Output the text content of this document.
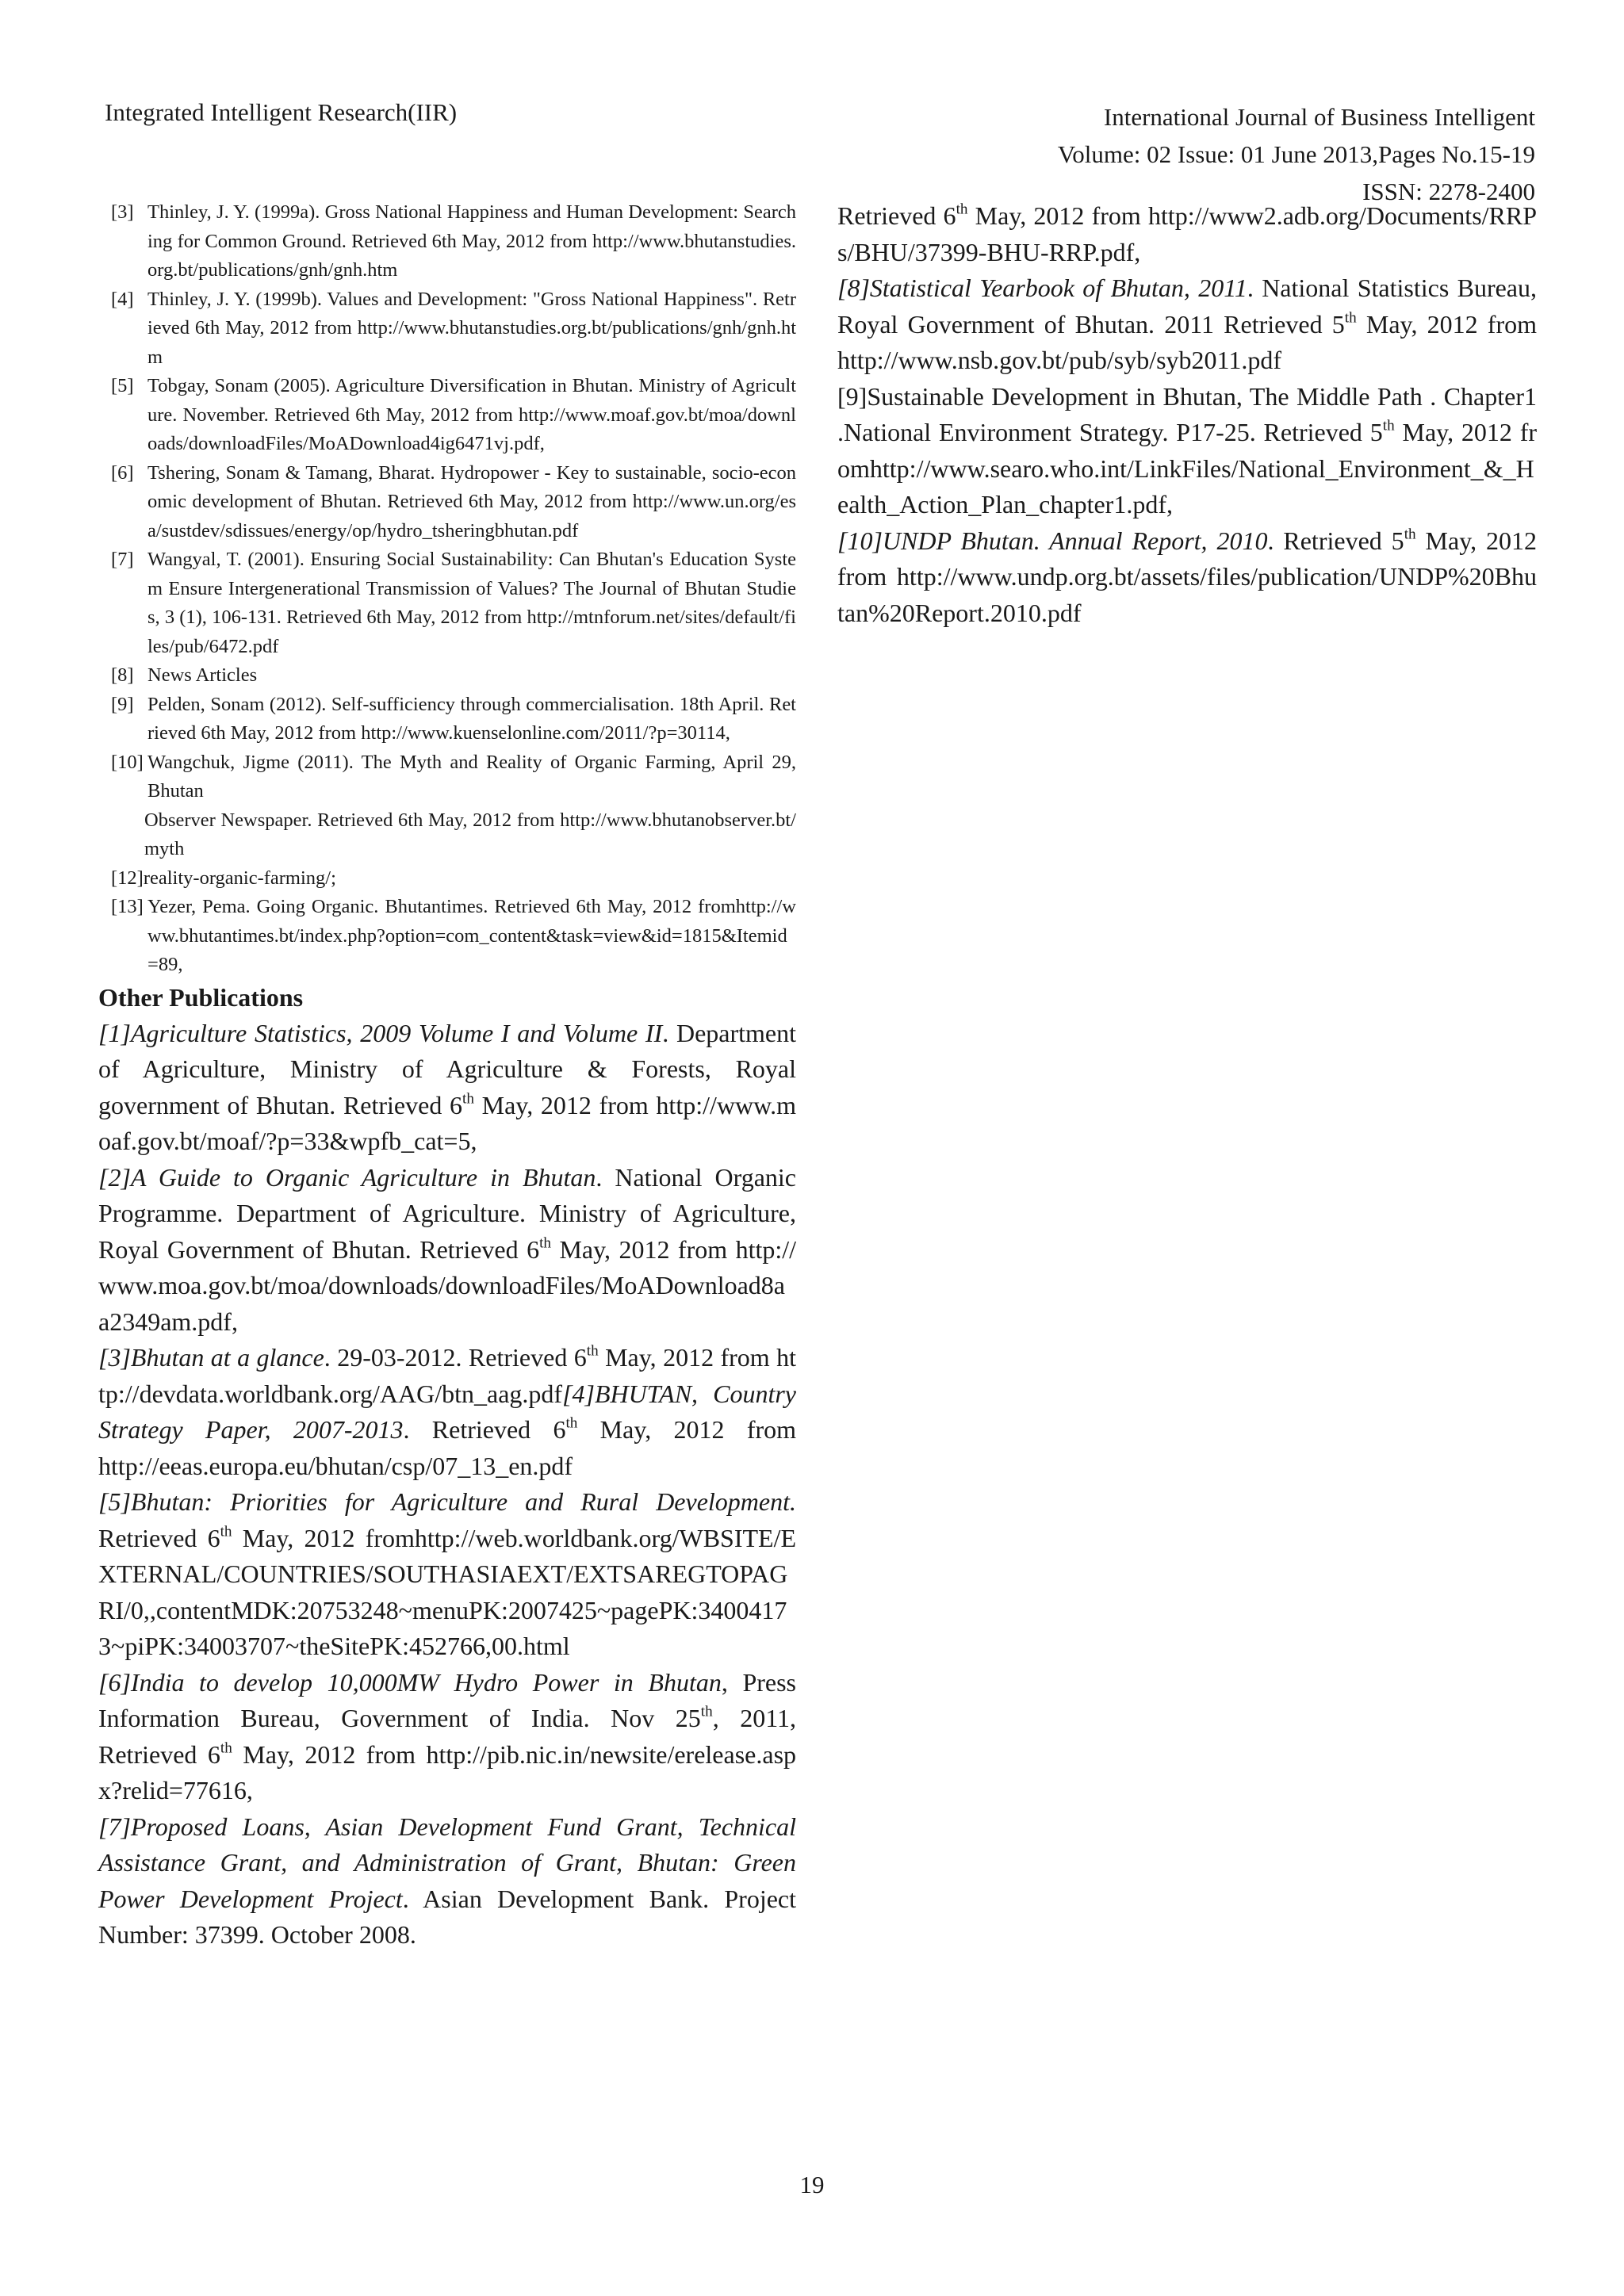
Integrated Intelligent Research(IIR)	International Journal of Business Intelligent
Volume: 02 Issue: 01 June 2013,Pages No.15-19
ISSN: 2278-2400

[3] Thinley, J. Y. (1999a). Gross National Happiness and Human Development: Searching for Common Ground. Retrieved 6th May, 2012 from http://www.bhutanstudies.org.bt/publications/gnh/gnh.htm

[4] Thinley, J. Y. (1999b). Values and Development: "Gross National Happiness". Retrieved 6th May, 2012 from http://www.bhutanstudies.org.bt/publications/gnh/gnh.htm

[5] Tobgay, Sonam (2005). Agriculture Diversification in Bhutan. Ministry of Agriculture. November. Retrieved 6th May, 2012 from http://www.moaf.gov.bt/moa/downloads/downloadFiles/MoADownload4ig6471vj.pdf,

[6] Tshering, Sonam & Tamang, Bharat. Hydropower - Key to sustainable, socio-economic development of Bhutan. Retrieved 6th May, 2012 from http://www.un.org/esa/sustdev/sdissues/energy/op/hydro_tsheringbhutan.pdf

[7] Wangyal, T. (2001). Ensuring Social Sustainability: Can Bhutan's Education System Ensure Intergenerational Transmission of Values? The Journal of Bhutan Studies, 3 (1), 106-131. Retrieved 6th May, 2012 from http://mtnforum.net/sites/default/files/pub/6472.pdf

[8] News Articles

[9] Pelden, Sonam (2012). Self-sufficiency through commercialisation. 18th April. Retrieved 6th May, 2012 from http://www.kuenselonline.com/2011/?p=30114,

[10] Wangchuk, Jigme (2011). The Myth and Reality of Organic Farming, April 29, Bhutan

Observer Newspaper. Retrieved 6th May, 2012 from http://www.bhutanobserver.bt/myth

[12]reality-organic-farming/;

[13] Yezer, Pema. Going Organic. Bhutantimes. Retrieved 6th May, 2012 fromhttp://www.bhutantimes.bt/index.php?option=com_content&task=view&id=1815&Itemid=89,

Other Publications

[1]Agriculture Statistics, 2009 Volume I and Volume II. Department of Agriculture, Ministry of Agriculture & Forests, Royal government of Bhutan. Retrieved 6th May, 2012 from http://www.moaf.gov.bt/moaf/?p=33&wpfb_cat=5,

[2]A Guide to Organic Agriculture in Bhutan. National Organic Programme. Department of Agriculture. Ministry of Agriculture, Royal Government of Bhutan. Retrieved 6th May, 2012 from http://www.moa.gov.bt/moa/downloads/downloadFiles/MoADownload8aa2349am.pdf,

[3]Bhutan at a glance. 29-03-2012. Retrieved 6th May, 2012 from http://devdata.worldbank.org/AAG/btn_aag.pdf[4]BHUTAN, Country Strategy Paper, 2007-2013. Retrieved 6th May, 2012 from http://eeas.europa.eu/bhutan/csp/07_13_en.pdf

[5]Bhutan: Priorities for Agriculture and Rural Development. Retrieved 6th May, 2012 fromhttp://web.worldbank.org/WBSITE/EXTERNAL/COUNTRIES/SOUTHASIAEXT/EXTSAREGTOPAGRI/0,,contentMDK:20753248~menuPK:2007425~pagePK:34004173~piPK:34003707~theSitePK:452766,00.html

[6]India to develop 10,000MW Hydro Power in Bhutan, Press Information Bureau, Government of India. Nov 25th, 2011, Retrieved 6th May, 2012 from http://pib.nic.in/newsite/erelease.aspx?relid=77616,

[7]Proposed Loans, Asian Development Fund Grant, Technical Assistance Grant, and Administration of Grant, Bhutan: Green Power Development Project. Asian Development Bank. Project Number: 37399. October 2008.

Retrieved 6th May, 2012 from http://www2.adb.org/Documents/RRPs/BHU/37399-BHU-RRP.pdf,

[8]Statistical Yearbook of Bhutan, 2011. National Statistics Bureau, Royal Government of Bhutan. 2011 Retrieved 5th May, 2012 from http://www.nsb.gov.bt/pub/syb/syb2011.pdf

[9]Sustainable Development in Bhutan, The Middle Path . Chapter1 .National Environment Strategy. P17-25. Retrieved 5th May, 2012 fromhttp://www.searo.who.int/LinkFiles/National_Environment_&_Health_Action_Plan_chapter1.pdf,

[10]UNDP Bhutan. Annual Report, 2010. Retrieved 5th May, 2012 from http://www.undp.org.bt/assets/files/publication/UNDP%20Bhutan%20Report.2010.pdf

19
